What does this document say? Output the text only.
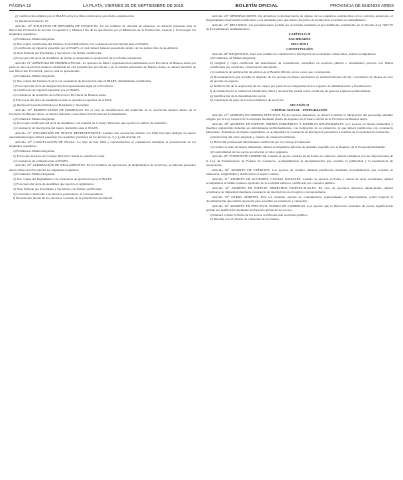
PÁGINA 12	LA PLATA, VIERNES 25 DE SEPTIEMBRE DE 2015	BOLETÍN OFICIAL	PROVINCIA DE BUENOS AIRES
g) Certificación emitida por el INAES sobre los libros rubricados para dicha organización.
h) Declaración Anexo 10.
Artículo 18° SOLICITUD DE REFORMA DE ESTATUTO. En los trámites de reforma de estatutos, se deberán presentar ante la Dirección Provincial de Acción Cooperativa y Mutual a fin de su aprobación por el Ministerio de la Producción, Ciencia y Tecnología, los siguientes requisitos:
a) Formulario Minuta Registral.
b) Dos copias certificadas del Estatuto Social Reformado con constancia de inscripción ante el INAES.
c) Certificado de vigencia expedido por el INAES, el cual deberá haberse presentado dentro de los quince días de su emisión.
d) Nota firmada por Presidente y Secretario con firmas certificadas.
e) Fotocopia del Acta de Asamblea de donde se desprende la aprobación de la reforma estatutaria.
Artículo 19° APERTURA DE PRIMERA FILIAL. La apertura de filial o representación permanente en la Provincia de Buenos Aires por parte de una asociación mutual constituida en otra jurisdicción provincial o en la Ciudad Autónoma de Buenos Aires, se deberá inscribir en esta Dirección Provincial, para lo cual se presentarán:
a) Formulario Minuta Registral.
b) Dos copias del Estatuto Social con constancia de inscripción ante el INAES, debidamente certificadas.
c) Fotocopia del Acta de designación del representante legal en la Provincia.
d) Certificado de vigencia expedido por el INAES.
e) Constancia de domicilio de la filial en la Provincia de Buenos Aires.
f) Fotocopia del Acta de Asamblea donde se aprueba la apertura de la filial.
g) Declaración jurada firmada por Presidente y Secretario.
Artículo 20° MODIFICACIÓN DE DOMICILIO. En el caso de modificación del domicilio de la asociación mutual dentro de la Provincia de Buenos Aires, se deberá informar a esta Dirección Provincial acompañando:
a) Formulario Minuta Registral.
b) Fotocopia certificada del Acta de Asamblea o de reunión de Consejo Directivo que aprobó el cambio de domicilio.
c) Constancia de inscripción del nuevo domicilio ante el INAES.
Artículo 21° INSCRIPCIÓN DE NUEVO REPRESENTANTE. Cuando una asociación mutual con filial inscripta designe un nuevo representante legal, deberá presentar los requisitos previstos en los incisos a), c) y g) del artículo 19.
Artículo 22° CANCELACIÓN DE FILIAL. La baja de una filial o representación se comunicará mediante la presentación de los siguientes requisitos:
a) Formulario Minuta Registral.
b) Fotocopia del Acta de Consejo Directivo donde se resuelve la baja.
c) Constancia de comunicación al INAES.
Artículo 23° APROBACIÓN DE REGLAMENTOS. En los trámites de aprobación de Reglamentos de Servicios, se deberán presentar ante la Dirección Provincial los siguientes requisitos:
a) Formulario Minuta Registral.
b) Dos copias del Reglamento con constancia de aprobación por el INAES.
c) Fotocopia del Acta de Asamblea que aprobó el reglamento.
d) Nota firmada por Presidente y Secretario con firmas certificadas.
e) Convenios celebrados con terceros prestadores, si correspondiere.
f) Declaración jurada de los servicios a prestar en la jurisdicción provincial.
Artículo 24° OBSERVACIONES. De advertirse la inobservancia de alguno de los requisitos establecidos en los artículos anteriores, el Departamento intervendrá notificando a las entidades para que dentro del plazo de treinta días acrediten su cumplimiento.
Artículo 25° RECURSOS. Las presentaciones podrán ser recurridas mediante el procedimiento establecido en el Decreto-Ley 7647/70 de Procedimiento Administrativo.
CAPÍTULO II
SOCIEDADES
SECCIÓN I
CONSTITUCIÓN
Artículo 26° REQUISITOS. Para todo trámite de constitución e inscripción de sociedades comerciales, deberá acompañarse:
a) Formulario de Minuta Registral.
b) Original y copia certificada del instrumento de constitución, extendido en escritura pública o instrumento privado con firmas certificadas por escribano o funcionario autorizado.
c) Constancia de publicación de edictos en el Boletín Oficial, en los casos que corresponda.
d) Documentación que acredite el depósito de los aportes en dinero efectuados en entidad bancaria oficial, o inventario de bienes en caso de aportes en especie.
e) Justificación de la aceptación de los cargos por parte de los integrantes de los órganos de administración y fiscalización.
f) Acreditación de la calidad de beneficiario final y declaración jurada sobre condición de persona expuesta políticamente.
g) Justificación de la denominación social.
h) Constancia de pago de la tasa retributiva de servicios.
SECCIÓN II
CAPITAL SOCIAL - INTEGRACIÓN
Artículo 27° APORTES EN DINERO EFECTIVO. En los aportes dinerarios, se deberá acreditar la integración del porcentaje mínimo exigido por la Ley General de Sociedades mediante boleta de depósito en el banco oficial de la Provincia de Buenos Aires.
Artículo 28° APORTES EN ESPECIE. BIENES INMUEBLES Y MUEBLES REGISTRABLES. Los aportes en bienes inmuebles y muebles registrables deberán ser debidamente individualizados, con indicación de su valuación, la que deberá justificarse con constancia fehaciente. Tratándose de bienes registrables, se acompañará la constancia de inscripción preventiva a nombre de la sociedad en formación.
a) Indicación del valor asignado y criterio de valuación utilizado.
b) Firma del profesional interviniente certificada por el Consejo Profesional.
c) Cuando se trate de bienes inmuebles, deberá acompañarse informe de dominio expedido por el Registro de la Propiedad Inmueble.
d) Conformidad de los socios en relación al valor asignado.
Artículo 29° FONDOS DE COMERCIO. Cuando el aporte consista en un fondo de comercio, deberá cumplirse con las disposiciones de la Ley de Transferencia de Fondos de Comercio, acompañándose la documentación que acredite la publicidad y la inexistencia de oposiciones.
Artículo 30° APORTES DE CRÉDITOS. Los aportes de créditos deberán justificarse mediante documentación que acredite su existencia, exigibilidad y notificación al deudor cedido.
Artículo 31° APORTES DE ACCIONES, CUOTAS SOCIALES. Cuando se aporten acciones o cuotas de otras sociedades, deberá acompañarse el último balance aprobado de la sociedad emisora, certificado por contador público.
Artículo 32° APORTES EN ESPECIE. DERECHOS INTELECTUALES. En caso de aportarse derechos intelectuales, deberá acreditarse su titularidad mediante constancia de inscripción en el registro correspondiente.
Artículo 33° OTROS APORTES. Para los restantes aportes no contemplados expresamente, el Departamento podrá requerir la documentación que estime necesaria para acreditar su existencia y valuación.
Artículo 34° APORTES EN EFECTIVO. FONDO DE COMERCIO. Los aportes que la Dirección considere de escasa significación podrán ser justificados mediante declaración jurada de los socios.
a) Deberá constar la firma de los socios certificada ante escribano público.
b) Informe con el criterio de valuación de los bienes.
